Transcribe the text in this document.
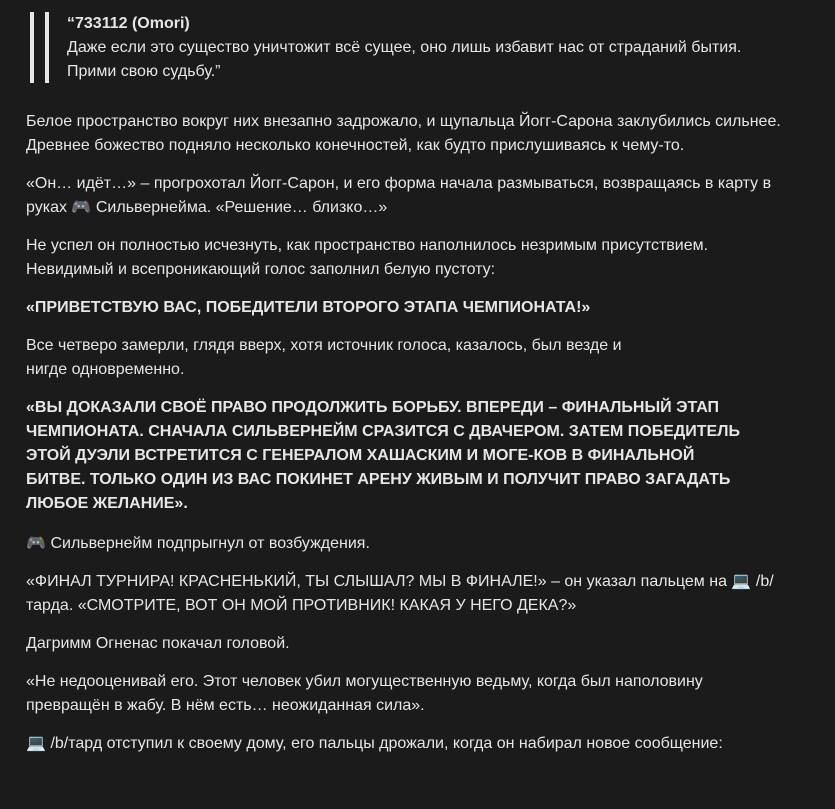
“733112 (Omori)

Даже если это существо уничтожит всё сущее, оно лишь избавит нас от страданий бытия.

Прими свою судьбу.”

Белое пространство вокруг них внезапно задрожало, и щупальца Йогг-Сарона заклубились сильнее. Древнее божество подняло несколько конечностей, как будто прислушиваясь к чему-то.

«Он… идёт…» – прогрохотал Йогг-Сарон, и его форма начала размываться, возвращаясь в карту в руках 🎮 Сильвернейма. «Решение… близко…»

Не успел он полностью исчезнуть, как пространство наполнилось незримым присутствием. Невидимый и всепроникающий голос заполнил белую пустоту:

«ПРИВЕТСТВУЮ ВАС, ПОБЕДИТЕЛИ ВТОРОГО ЭТАПА ЧЕМПИОНАТА!»

Все четверо замерли, глядя вверх, хотя источник голоса, казалось, был везде и
нигде одновременно.

«ВЫ ДОКАЗАЛИ СВОЁ ПРАВО ПРОДОЛЖИТЬ БОРЬБУ. ВПЕРЕДИ – ФИНАЛЬНЫЙ ЭТАП ЧЕМПИОНАТА. СНАЧАЛА СИЛЬВЕРНЕЙМ СРАЗИТСЯ С ДВАЧЕРОМ. ЗАТЕМ ПОБЕДИТЕЛЬ ЭТОЙ ДУЭЛИ ВСТРЕТИТСЯ С ГЕНЕРАЛОМ ХАШАСКИМ И МОГЕ-КОВ В ФИНАЛЬНОЙ БИТВЕ. ТОЛЬКО ОДИН ИЗ ВАС ПОКИНЕТ АРЕНУ ЖИВЫМ И ПОЛУЧИТ ПРАВО ЗАГАДАТЬ ЛЮБОЕ ЖЕЛАНИЕ».

🎮 Сильвернейм подпрыгнул от возбуждения.

«ФИНАЛ ТУРНИРА! КРАСНЕНЬКИЙ, ТЫ СЛЫШАЛ? МЫ В ФИНАЛЕ!» – он указал пальцем на 💻 /b/тарда. «СМОТРИТЕ, ВОТ ОН МОЙ ПРОТИВНИК! КАКАЯ У НЕГО ДЕКА?»

Дагримм Огненас покачал головой.

«Не недооценивай его. Этот человек убил могущественную ведьму, когда был наполовину превращён в жабу. В нём есть… неожиданная сила».

💻 /b/тард отступил к своему дому, его пальцы дрожали, когда он набирал новое сообщение:
